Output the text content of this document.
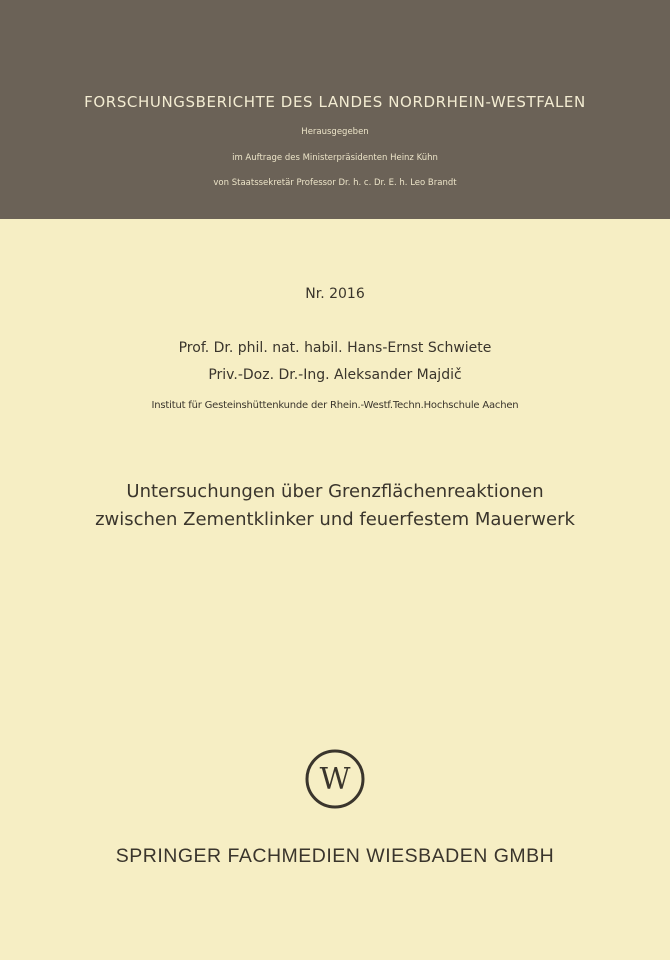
FORSCHUNGSBERICHTE DES LANDES NORDRHEIN-WESTFALEN
Herausgegeben
im Auftrage des Ministerpräsidenten Heinz Kühn
von Staatssekretär Professor Dr. h. c. Dr. E. h. Leo Brandt
Nr. 2016
Prof. Dr. phil. nat. habil. Hans-Ernst Schwiete
Priv.-Doz. Dr.-Ing. Aleksander Majdič
Institut für Gesteinshüttenkunde der Rhein.-Westf.Techn.Hochschule Aachen
Untersuchungen über Grenzflächenreaktionen
zwischen Zementklinker und feuerfestem Mauerwerk
W
SPRINGER FACHMEDIEN WIESBADEN GMBH
